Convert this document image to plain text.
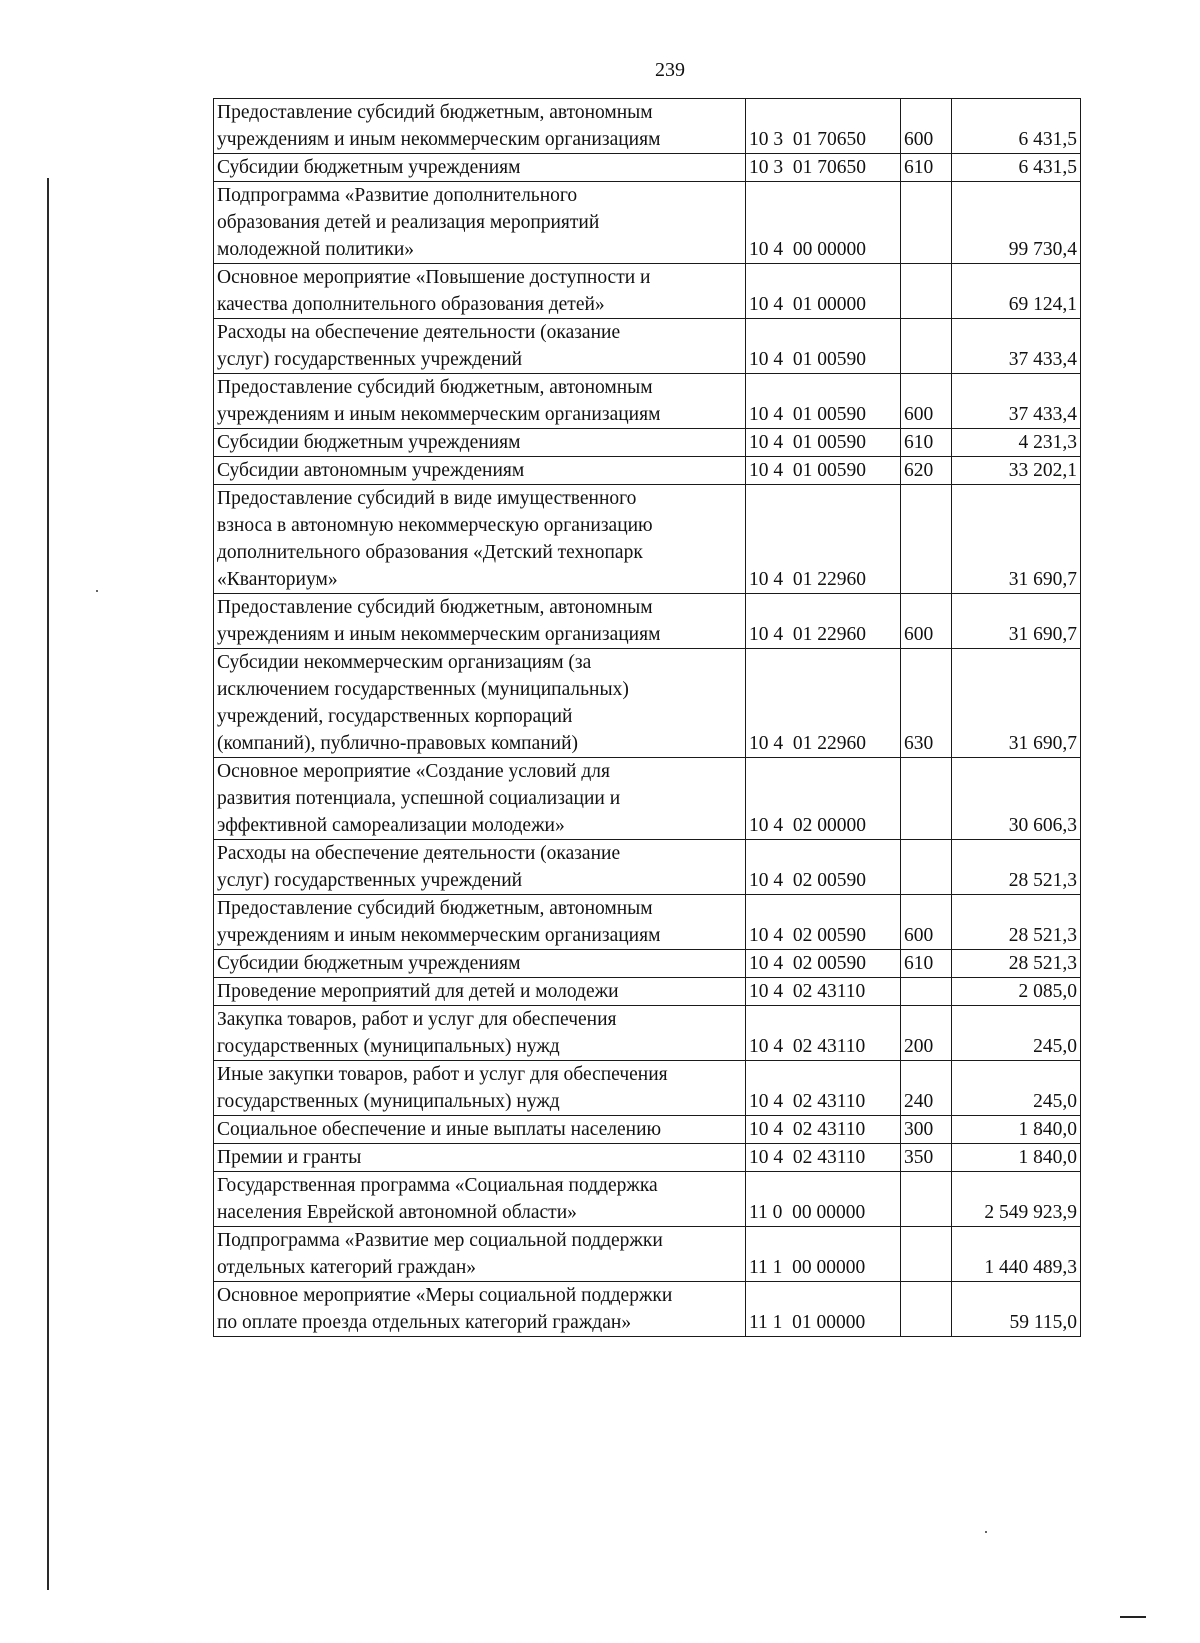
239
Предоставление субсидий бюджетным, автономным
учреждениям и иным некоммерческим организациям	10 3  01 70650	600	6 431,5
Субсидии бюджетным учреждениям	10 3  01 70650	610	6 431,5
Подпрограмма «Развитие дополнительного
образования детей и реализация мероприятий
молодежной политики»	10 4  00 00000		99 730,4
Основное мероприятие «Повышение доступности и
качества дополнительного образования детей»	10 4  01 00000		69 124,1
Расходы на обеспечение деятельности (оказание
услуг) государственных учреждений	10 4  01 00590		37 433,4
Предоставление субсидий бюджетным, автономным
учреждениям и иным некоммерческим организациям	10 4  01 00590	600	37 433,4
Субсидии бюджетным учреждениям	10 4  01 00590	610	4 231,3
Субсидии автономным учреждениям	10 4  01 00590	620	33 202,1
Предоставление субсидий в виде имущественного
взноса в автономную некоммерческую организацию
дополнительного образования «Детский технопарк
«Кванториум»	10 4  01 22960		31 690,7
Предоставление субсидий бюджетным, автономным
учреждениям и иным некоммерческим организациям	10 4  01 22960	600	31 690,7
Субсидии некоммерческим организациям (за
исключением государственных (муниципальных)
учреждений, государственных корпораций
(компаний), публично-правовых компаний)	10 4  01 22960	630	31 690,7
Основное мероприятие «Создание условий для
развития потенциала, успешной социализации и
эффективной самореализации молодежи»	10 4  02 00000		30 606,3
Расходы на обеспечение деятельности (оказание
услуг) государственных учреждений	10 4  02 00590		28 521,3
Предоставление субсидий бюджетным, автономным
учреждениям и иным некоммерческим организациям	10 4  02 00590	600	28 521,3
Субсидии бюджетным учреждениям	10 4  02 00590	610	28 521,3
Проведение мероприятий для детей и молодежи	10 4  02 43110		2 085,0
Закупка товаров, работ и услуг для обеспечения
государственных (муниципальных) нужд	10 4  02 43110	200	245,0
Иные закупки товаров, работ и услуг для обеспечения
государственных (муниципальных) нужд	10 4  02 43110	240	245,0
Социальное обеспечение и иные выплаты населению	10 4  02 43110	300	1 840,0
Премии и гранты	10 4  02 43110	350	1 840,0
Государственная программа «Социальная поддержка
населения Еврейской автономной области»	11 0  00 00000		2 549 923,9
Подпрограмма «Развитие мер социальной поддержки
отдельных категорий граждан»	11 1  00 00000		1 440 489,3
Основное мероприятие «Меры социальной поддержки
по оплате проезда отдельных категорий граждан»	11 1  01 00000		59 115,0
